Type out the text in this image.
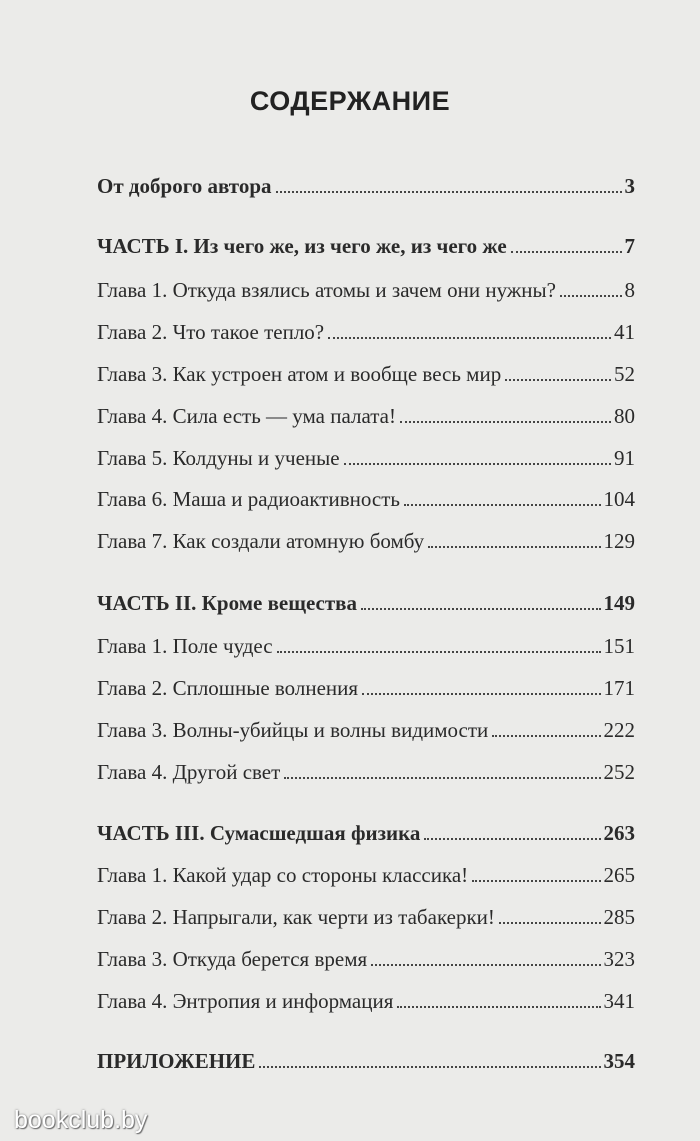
СОДЕРЖАНИЕ
От доброго автора	3
ЧАСТЬ I. Из чего же, из чего же, из чего же	7
Глава 1. Откуда взялись атомы и зачем они нужны?	8
Глава 2. Что такое тепло?	41
Глава 3. Как устроен атом и вообще весь мир	52
Глава 4. Сила есть — ума палата!	80
Глава 5. Колдуны и ученые	91
Глава 6. Маша и радиоактивность	104
Глава 7. Как создали атомную бомбу	129
ЧАСТЬ II. Кроме вещества	149
Глава 1. Поле чудес	151
Глава 2. Сплошные волнения	171
Глава 3. Волны-убийцы и волны видимости	222
Глава 4. Другой свет	252
ЧАСТЬ III. Сумасшедшая физика	263
Глава 1. Какой удар со стороны классика!	265
Глава 2. Напрыгали, как черти из табакерки!	285
Глава 3. Откуда берется время	323
Глава 4. Энтропия и информация	341
ПРИЛОЖЕНИЕ	354
bookclub.by
